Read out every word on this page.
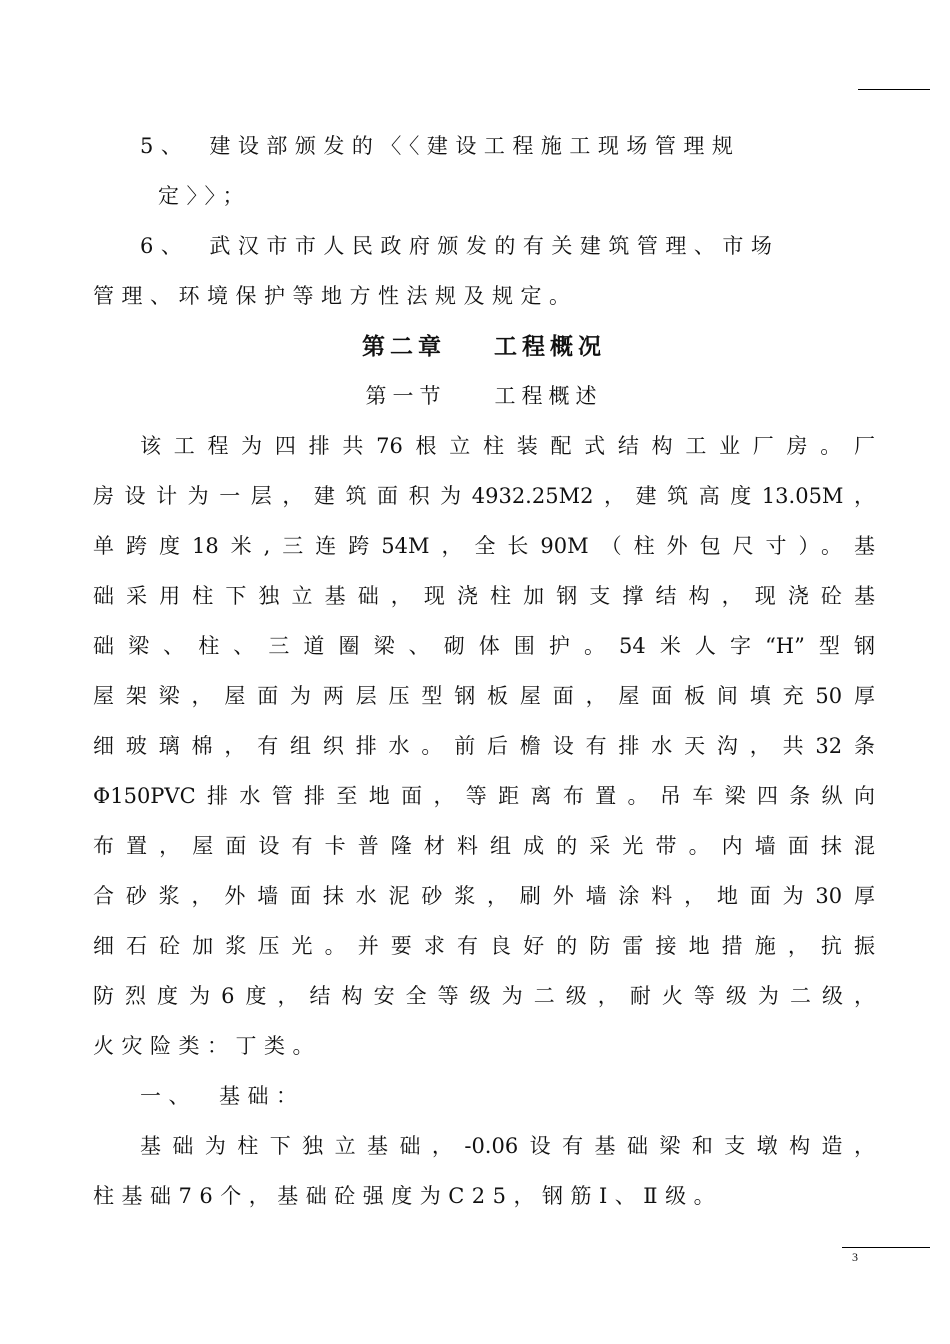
5、 建设部颁发的〈〈建设工程施工现场管理规
定〉〉；
6、 武汉市市人民政府颁发的有关建筑管理、市场
管理、环境保护等地方性法规及规定。
第二章 工程概况
第一节 工程概述
该工程为四排共76根立柱装配式结构工业厂房。厂
房设计为一层，建筑面积为4932.25M2，建筑高度13.05M，
单跨度18米,三连跨54M，全长90M（柱外包尺寸）。基
础采用柱下独立基础，现浇柱加钢支撑结构，现浇砼基
础梁、柱、三道圈梁、砌体围护。54米人字“H”型钢
屋架梁，屋面为两层压型钢板屋面，屋面板间填充50厚
细玻璃棉，有组织排水。前后檐设有排水天沟，共32条
Φ150PVC排水管排至地面，等距离布置。吊车梁四条纵向
布置，屋面设有卡普隆材料组成的采光带。内墙面抹混
合砂浆，外墙面抹水泥砂浆，刷外墙涂料，地面为30厚
细石砼加浆压光。并要求有良好的防雷接地措施，抗振
防烈度为6度，结构安全等级为二级，耐火等级为二级，
火灾险类：丁类。
一、 基础：
基础为柱下独立基础，-0.06设有基础梁和支墩构造，
柱基础76个，基础砼强度为C25，钢筋Ⅰ、Ⅱ级。
3
